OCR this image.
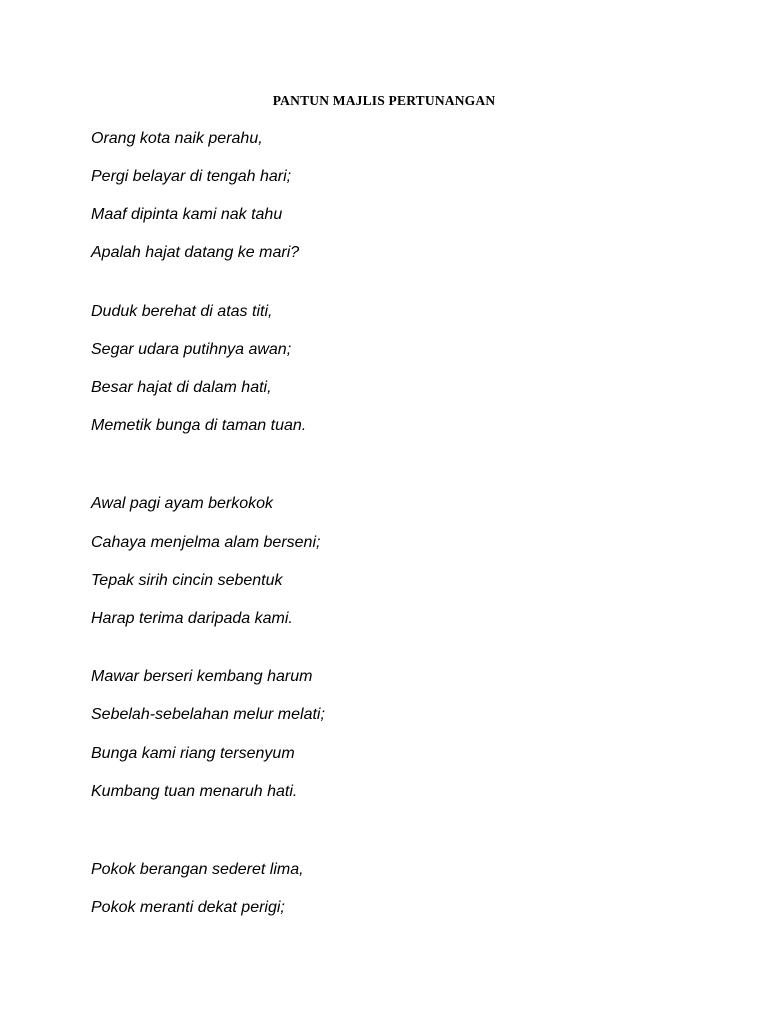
PANTUN MAJLIS PERTUNANGAN
Orang kota naik perahu,
Pergi belayar di tengah hari;
Maaf dipinta kami nak tahu
Apalah hajat datang ke mari?
Duduk berehat di atas titi,
Segar udara putihnya awan;
Besar hajat di dalam hati,
Memetik bunga di taman tuan.
Awal pagi ayam berkokok
Cahaya menjelma alam berseni;
Tepak sirih cincin sebentuk
Harap terima daripada kami.
Mawar berseri kembang harum
Sebelah-sebelahan melur melati;
Bunga kami riang tersenyum
Kumbang tuan menaruh hati.
Pokok berangan sederet lima,
Pokok meranti dekat perigi;
